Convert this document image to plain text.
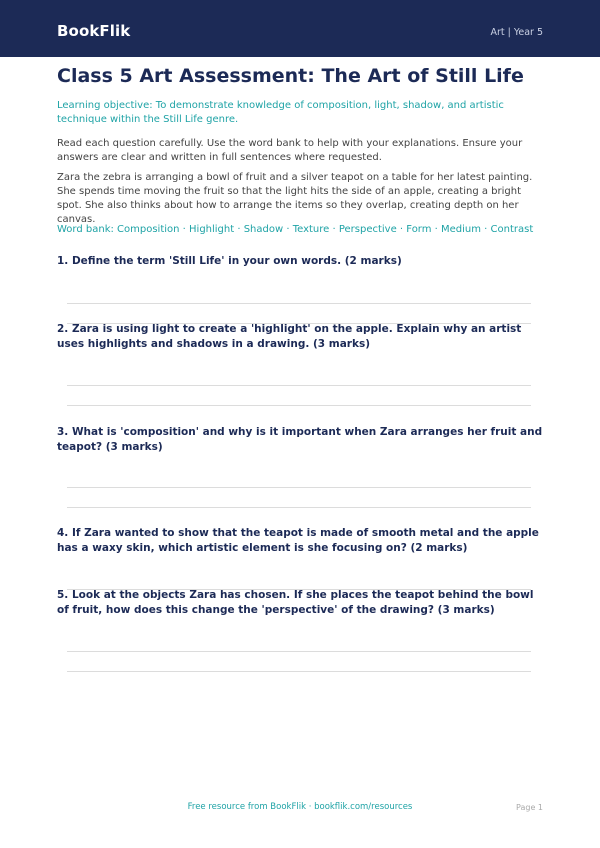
BookFlik	Art | Year 5
Class 5 Art Assessment: The Art of Still Life

Learning objective: To demonstrate knowledge of composition, light, shadow, and artistic technique within the Still Life genre.

Read each question carefully. Use the word bank to help with your explanations. Ensure your answers are clear and written in full sentences where requested.

Zara the zebra is arranging a bowl of fruit and a silver teapot on a table for her latest painting. She spends time moving the fruit so that the light hits the side of an apple, creating a bright spot. She also thinks about how to arrange the items so they overlap, creating depth on her canvas.

Word bank: Composition · Highlight · Shadow · Texture · Perspective · Form · Medium · Contrast

1. Define the term 'Still Life' in your own words. (2 marks)

2. Zara is using light to create a 'highlight' on the apple. Explain why an artist uses highlights and shadows in a drawing. (3 marks)

3. What is 'composition' and why is it important when Zara arranges her fruit and teapot? (3 marks)

4. If Zara wanted to show that the teapot is made of smooth metal and the apple has a waxy skin, which artistic element is she focusing on? (2 marks)

5. Look at the objects Zara has chosen. If she places the teapot behind the bowl of fruit, how does this change the 'perspective' of the drawing? (3 marks)

Free resource from BookFlik · bookflik.com/resources	Page 1
